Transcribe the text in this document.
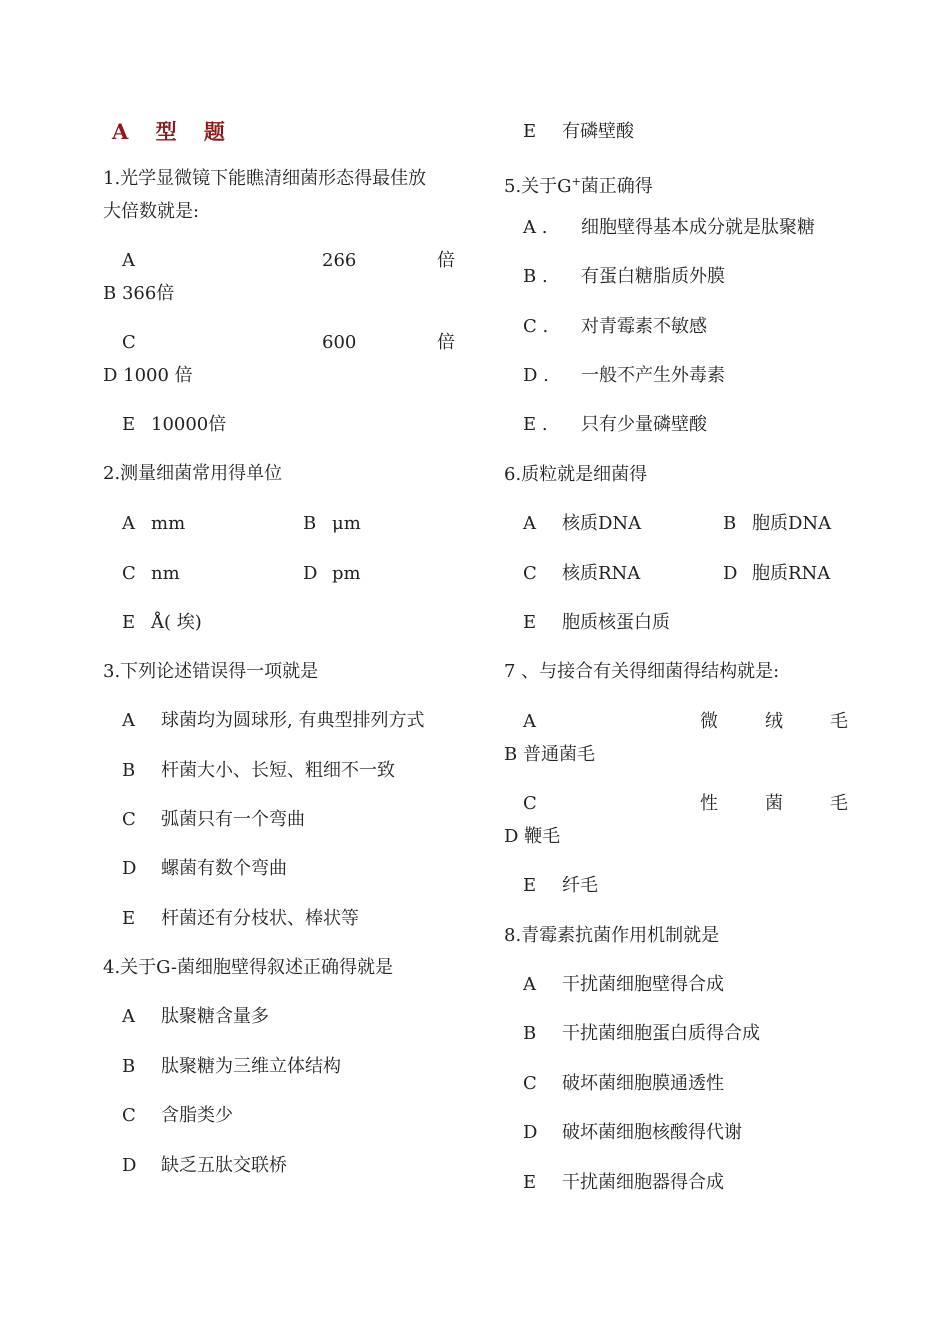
A 型 题
1.光学显微镜下能瞧清细菌形态得最佳放
大倍数就是:
A	266	倍
B 366倍
C	600	倍
D 1000 倍
E 10000倍
2.测量细菌常用得单位
A mm	B μm
C nm	D pm
E Å( 埃)
3.下列论述错误得一项就是
A 球菌均为圆球形, 有典型排列方式
B 杆菌大小、长短、粗细不一致
C 弧菌只有一个弯曲
D 螺菌有数个弯曲
E 杆菌还有分枝状、棒状等
4.关于G-菌细胞壁得叙述正确得就是
A 肽聚糖含量多
B 肽聚糖为三维立体结构
C 含脂类少
D 缺乏五肽交联桥
E 有磷壁酸
5.关于G+菌正确得
A . 细胞壁得基本成分就是肽聚糖
B . 有蛋白糖脂质外膜
C . 对青霉素不敏感
D . 一般不产生外毒素
E . 只有少量磷壁酸
6.质粒就是细菌得
A 核质DNA	B 胞质DNA
C 核质RNA	D 胞质RNA
E 胞质核蛋白质
7 、与接合有关得细菌得结构就是:
A	微	绒	毛
B 普通菌毛
C	性	菌	毛
D 鞭毛
E 纤毛
8.青霉素抗菌作用机制就是
A 干扰菌细胞壁得合成
B 干扰菌细胞蛋白质得合成
C 破坏菌细胞膜通透性
D 破坏菌细胞核酸得代谢
E 干扰菌细胞器得合成
